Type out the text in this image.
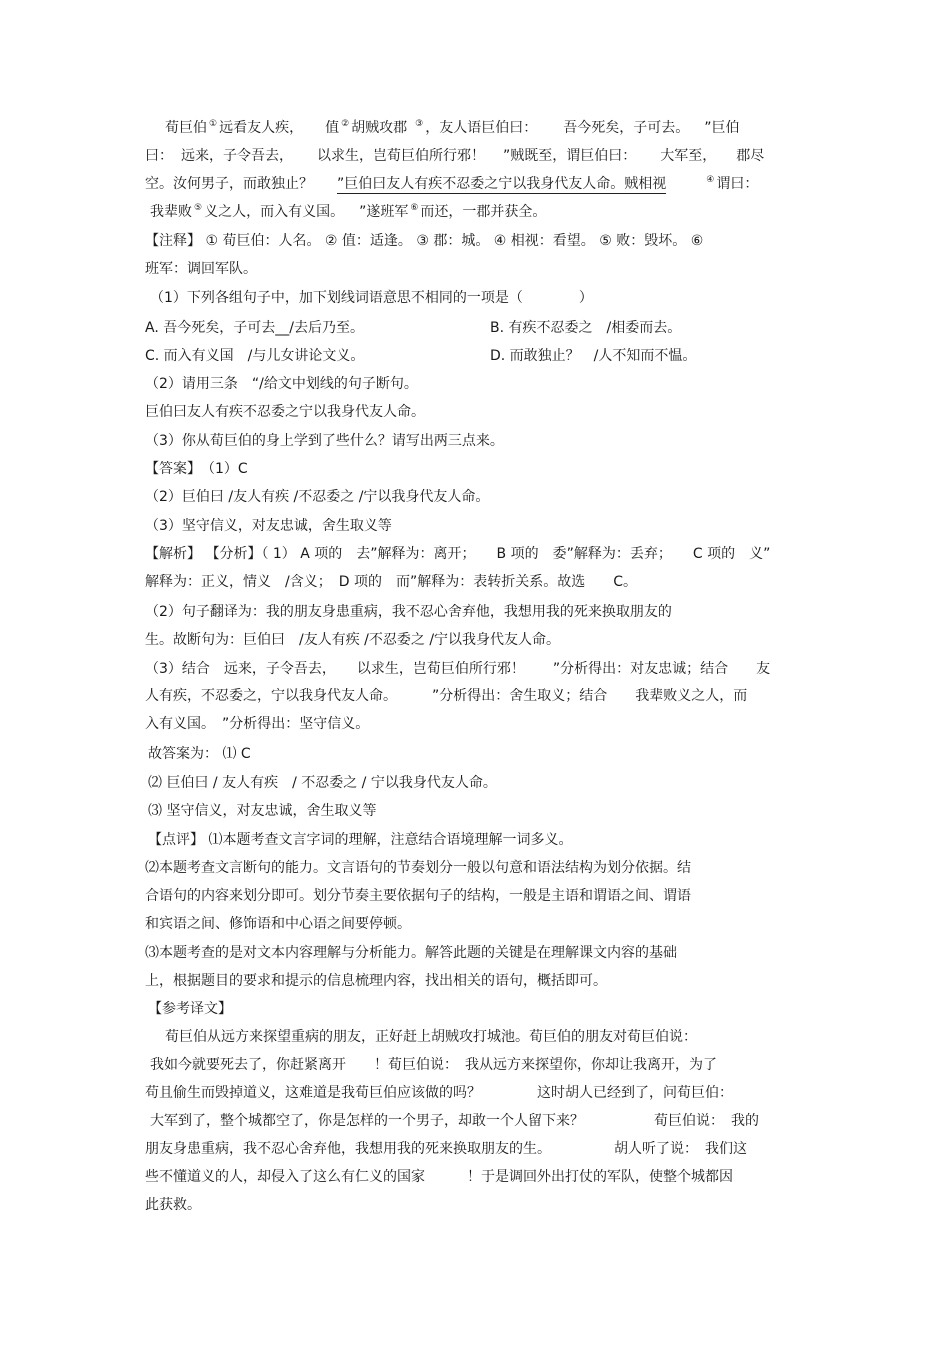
荀巨伯 ① 远看友人疾， 值 ② 胡贼攻郡 ③ ，友人语巨伯曰： 吾今死矣，子可去。 ”巨伯
曰： 远来，子令吾去， 以求生，岂荀巨伯所行邪！ ”贼既至，谓巨伯曰： 大军至， 郡尽
空。汝何男子，而敢独止？ ”巨伯曰友人有疾不忍委之宁以我身代友人命。贼相视	④ 谓曰：
我辈败 ⑤ 义之人，而入有义国。 ”遂班军 ⑥ 而还，一郡并获全。
【注释】 ① 荀巨伯：人名。 ② 值：适逢。 ③ 郡：城。 ④ 相视：看望。 ⑤ 败：毁坏。 ⑥
班军：调回军队。
（1）下列各组句子中，加下划线词语意思不相同的一项是（　　　　）
A. 吾今死矣，子可去__/去后乃至。	B. 有疾不忍委之　/相委而去。
C. 而入有义国　/与儿女讲论文义。	D. 而敢独止？　/人不知而不愠。
（2）请用三条　“/给文中划线的句子断句。
巨伯曰友人有疾不忍委之宁以我身代友人命。
（3）你从荀巨伯的身上学到了些什么？请写出两三点来。
【答案】　（1）C
（2）巨伯曰 /友人有疾 /不忍委之 /宁以我身代友人命。
（3）坚守信义，对友忠诚，舍生取义等
【解析】 【分析】（ 1） A 项的　去”解释为：离开；　　B 项的　委”解释为：丢弃；　　C 项的　义”
解释为：正义，情义　/含义；　D 项的　而”解释为：表转折关系。故选　　C。
（2）句子翻译为：我的朋友身患重病，我不忍心舍弃他，我想用我的死来换取朋友的
生。故断句为：巨伯曰　/友人有疾 /不忍委之 /宁以我身代友人命。
（3）结合　远来，子令吾去，　　以求生，岂荀巨伯所行邪！　　”分析得出：对友忠诚；结合　　友
人有疾，不忍委之，宁以我身代友人命。　　　”分析得出：舍生取义；结合　　我辈败义之人，而
入有义国。　”分析得出：坚守信义。
故答案为： ⑴ C
⑵ 巨伯曰 / 友人有疾　/ 不忍委之 / 宁以我身代友人命。
⑶ 坚守信义，对友忠诚，舍生取义等
【点评】 ⑴本题考查文言字词的理解，注意结合语境理解一词多义。
⑵本题考查文言断句的能力。文言语句的节奏划分一般以句意和语法结构为划分依据。结
合语句的内容来划分即可。划分节奏主要依据句子的结构，一般是主语和谓语之间、谓语
和宾语之间、修饰语和中心语之间要停顿。
⑶本题考查的是对文本内容理解与分析能力。解答此题的关键是在理解课文内容的基础
上，根据题目的要求和提示的信息梳理内容，找出相关的语句，概括即可。
【参考译文】
荀巨伯从远方来探望重病的朋友，正好赶上胡贼攻打城池。荀巨伯的朋友对荀巨伯说：
我如今就要死去了，你赶紧离开　　！荀巨伯说：　我从远方来探望你，你却让我离开，为了
苟且偷生而毁掉道义，这难道是我荀巨伯应该做的吗？　　　　这时胡人已经到了，问荀巨伯：
大军到了，整个城都空了，你是怎样的一个男子，却敢一个人留下来？　　　　　荀巨伯说：　我的
朋友身患重病，我不忍心舍弃他，我想用我的死来换取朋友的生。　　　　　胡人听了说：　我们这
些不懂道义的人，却侵入了这么有仁义的国家　　　！于是调回外出打仗的军队，使整个城都因
此获救。
